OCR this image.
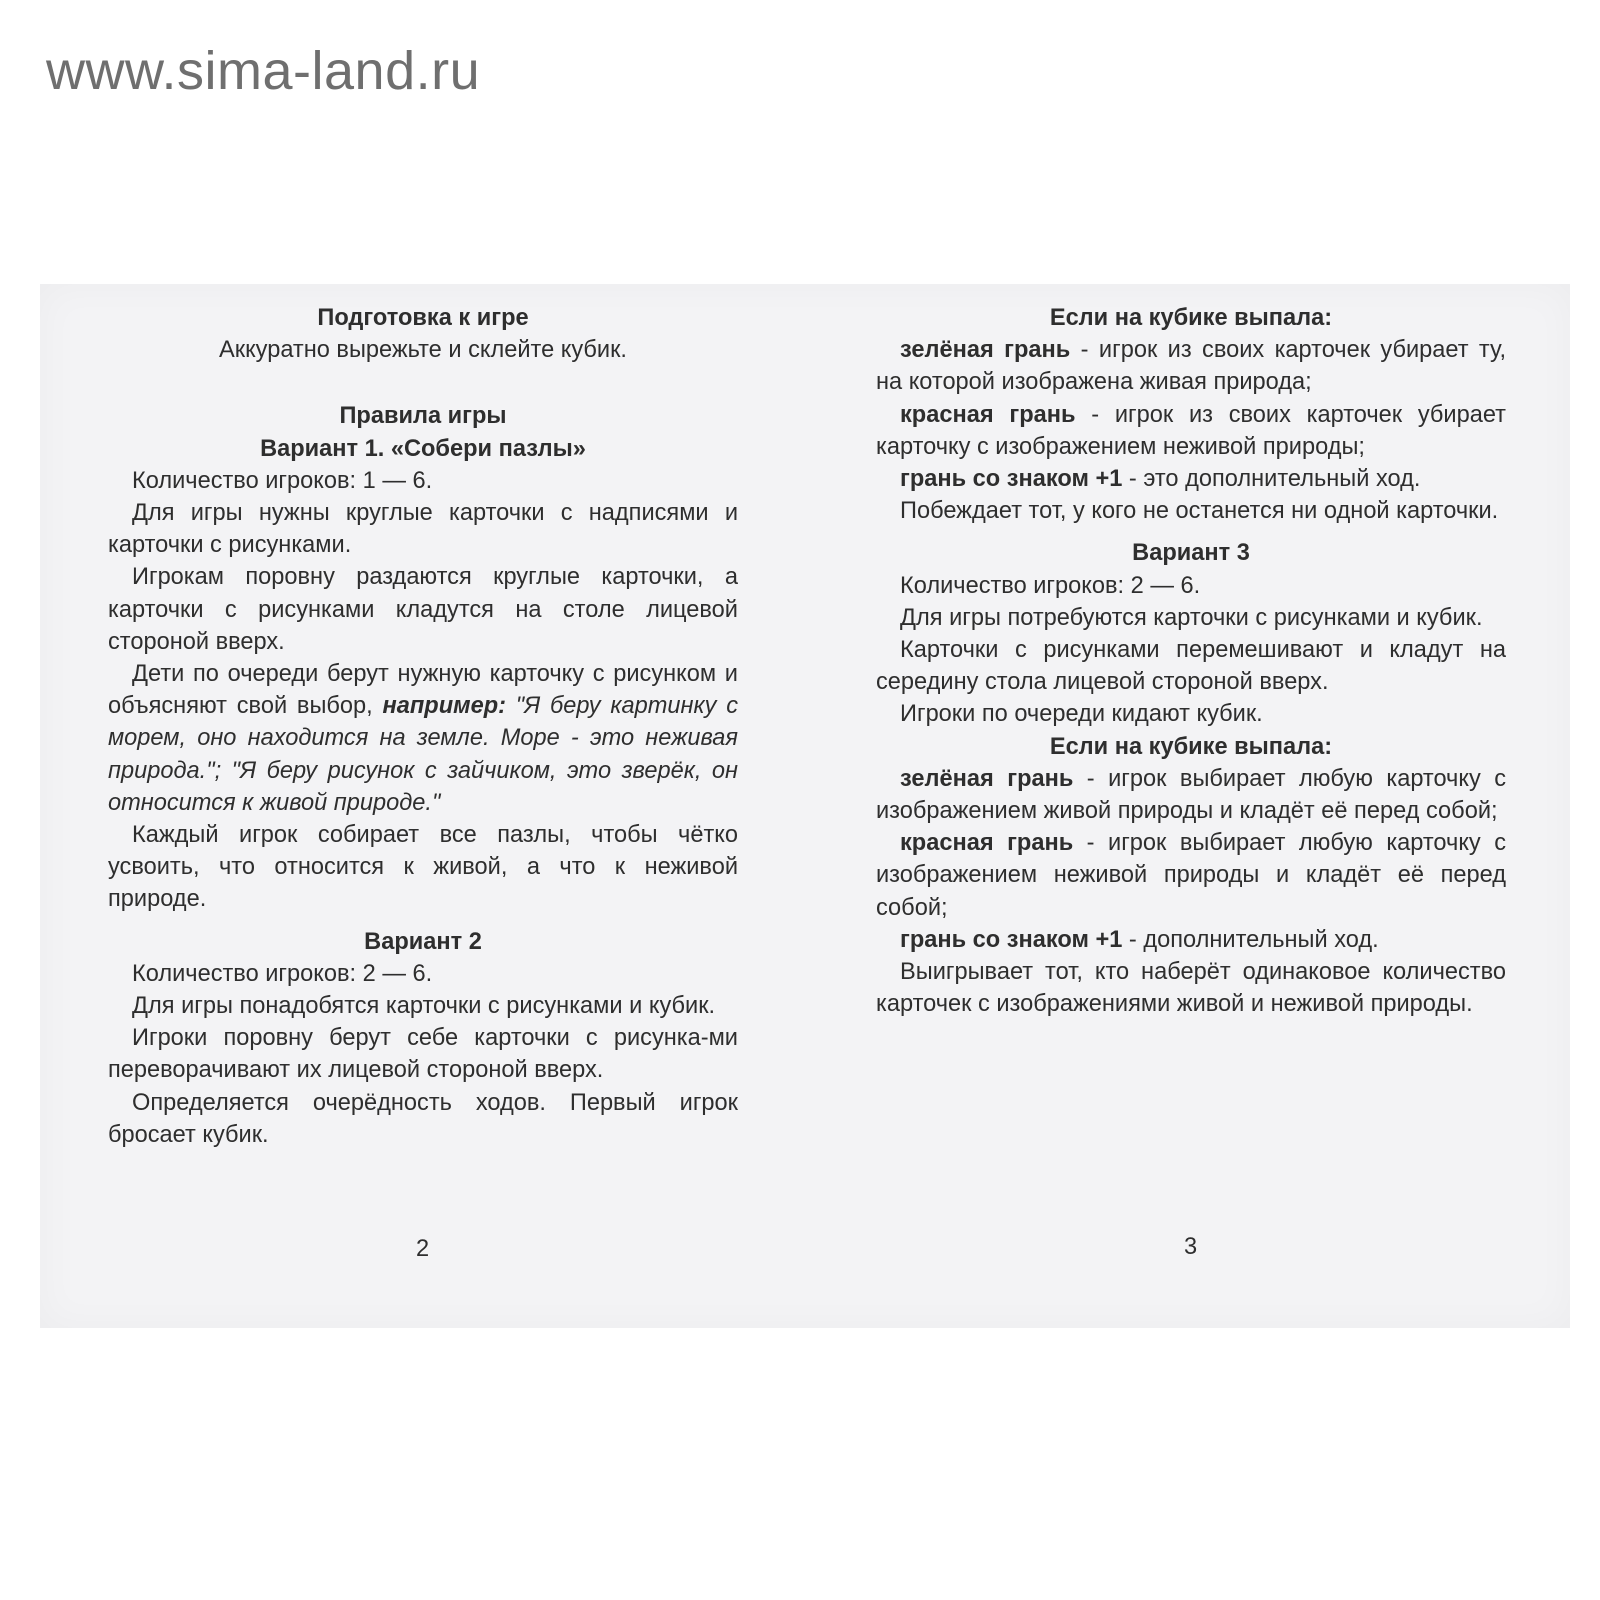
www.sima-land.ru
Подготовка к игре

Аккуратно вырежьте и склейте кубик.

Правила игры
Вариант 1. «Собери пазлы»

Количество игроков: 1 — 6.

Для игры нужны круглые карточки с надписями и карточки с рисунками.

Игрокам поровну раздаются круглые карточки, а карточки с рисунками кладутся на столе лицевой стороной вверх.

Дети по очереди берут нужную карточку с рисунком и объясняют свой выбор, например: "Я беру картинку с морем, оно находится на земле. Море - это неживая природа."; "Я беру рисунок с зайчиком, это зверёк, он относится к живой природе."

Каждый игрок собирает все пазлы, чтобы чётко усвоить, что относится к живой, а что к неживой природе.

Вариант 2

Количество игроков: 2 — 6.

Для игры понадобятся карточки с рисунками и кубик.

Игроки поровну берут себе карточки с рисунка-ми переворачивают их лицевой стороной вверх.

Определяется очерёдность ходов. Первый игрок бросает кубик.

2
Если на кубике выпала:

зелёная грань - игрок из своих карточек убирает ту, на которой изображена живая природа;

красная грань - игрок из своих карточек убирает карточку с изображением неживой природы;

грань со знаком +1 - это дополнительный ход.

Побеждает тот, у кого не останется ни одной карточки.

Вариант 3

Количество игроков: 2 — 6.

Для игры потребуются карточки с рисунками и кубик.

Карточки с рисунками перемешивают и кладут на середину стола лицевой стороной вверх.

Игроки по очереди кидают кубик.

Если на кубике выпала:

зелёная грань - игрок выбирает любую карточку с изображением живой природы и кладёт её перед собой;

красная грань - игрок выбирает любую карточку с изображением неживой природы и кладёт её перед собой;

грань со знаком +1 - дополнительный ход.

Выигрывает тот, кто наберёт одинаковое количество карточек с изображениями живой и неживой природы.

3
